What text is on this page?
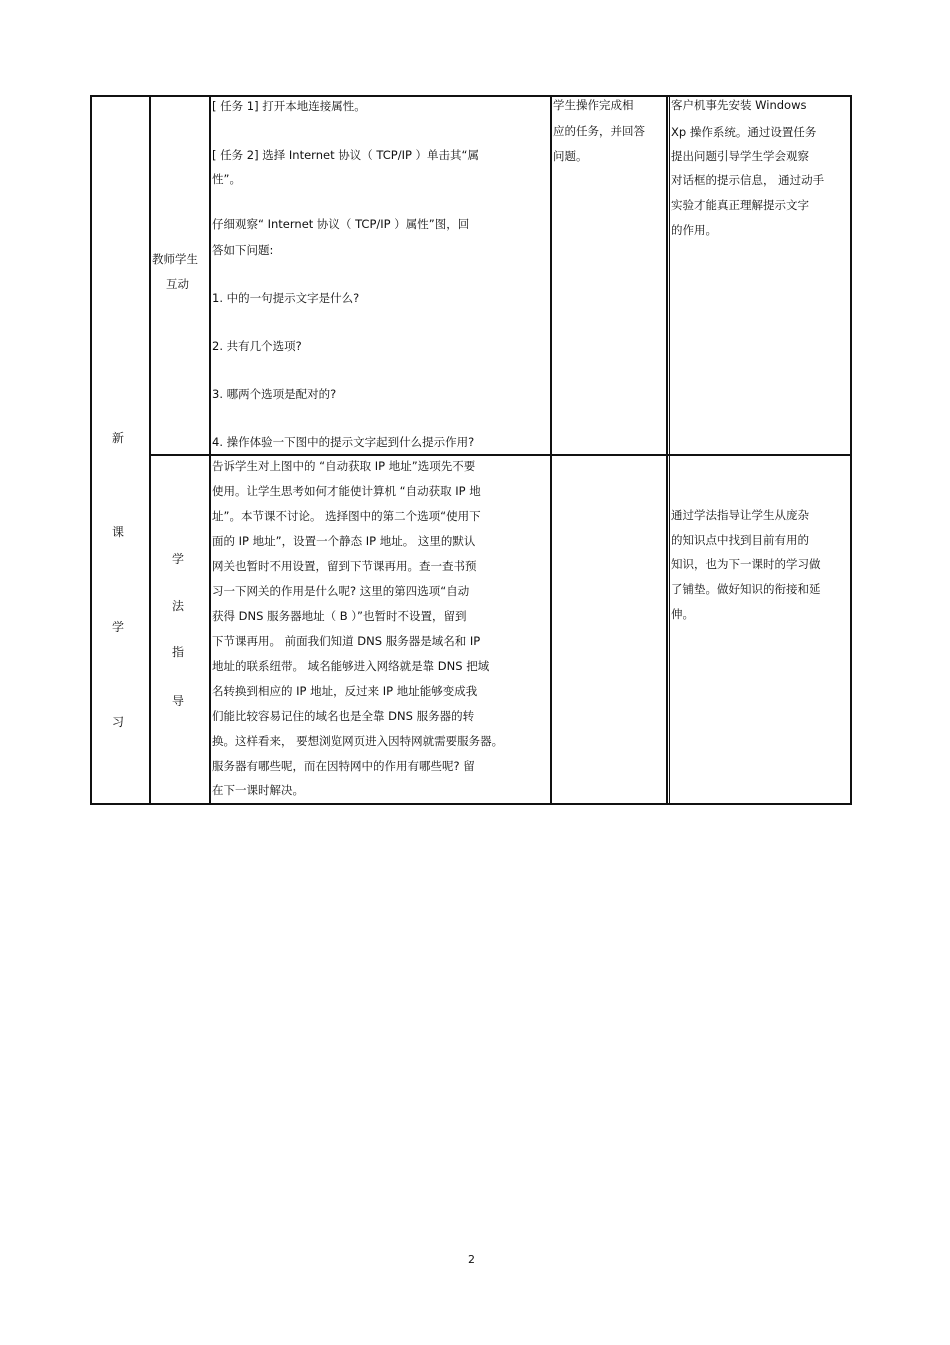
新
课
学
习
教师学生
互动
[ 任务 1] 打开本地连接属性。
[ 任务 2] 选择 Internet 协议（ TCP/IP ）单击其“属
性”。
仔细观察“ Internet 协议（ TCP/IP ）属性”图，回
答如下问题:
1. 中的一句提示文字是什么?
2. 共有几个选项?
3. 哪两个选项是配对的?
4. 操作体验一下图中的提示文字起到什么提示作用?
学生操作完成相
应的任务，并回答
问题。
客户机事先安装 Windows
Xp 操作系统。通过设置任务
提出问题引导学生学会观察
对话框的提示信息， 通过动手
实验才能真正理解提示文字
的作用。
学
法
指
导
告诉学生对上图中的 “自动获取 IP 地址”选项先不要
使用。让学生思考如何才能使计算机 “自动获取 IP 地
址”。本节课不讨论。 选择图中的第二个选项“使用下
面的 IP 地址”，设置一个静态 IP 地址。 这里的默认
网关也暂时不用设置，留到下节课再用。查一查书预
习一下网关的作用是什么呢? 这里的第四选项“自动
获得 DNS 服务器地址（ B ）”也暂时不设置，留到
下节课再用。 前面我们知道 DNS 服务器是域名和 IP
地址的联系纽带。 域名能够进入网络就是靠 DNS 把域
名转换到相应的 IP 地址，反过来 IP 地址能够变成我
们能比较容易记住的域名也是全靠 DNS 服务器的转
换。这样看来， 要想浏览网页进入因特网就需要服务器。
服务器有哪些呢，而在因特网中的作用有哪些呢? 留
在下一课时解决。
通过学法指导让学生从庞杂
的知识点中找到目前有用的
知识，也为下一课时的学习做
了铺垫。做好知识的衔接和延
伸。
2
